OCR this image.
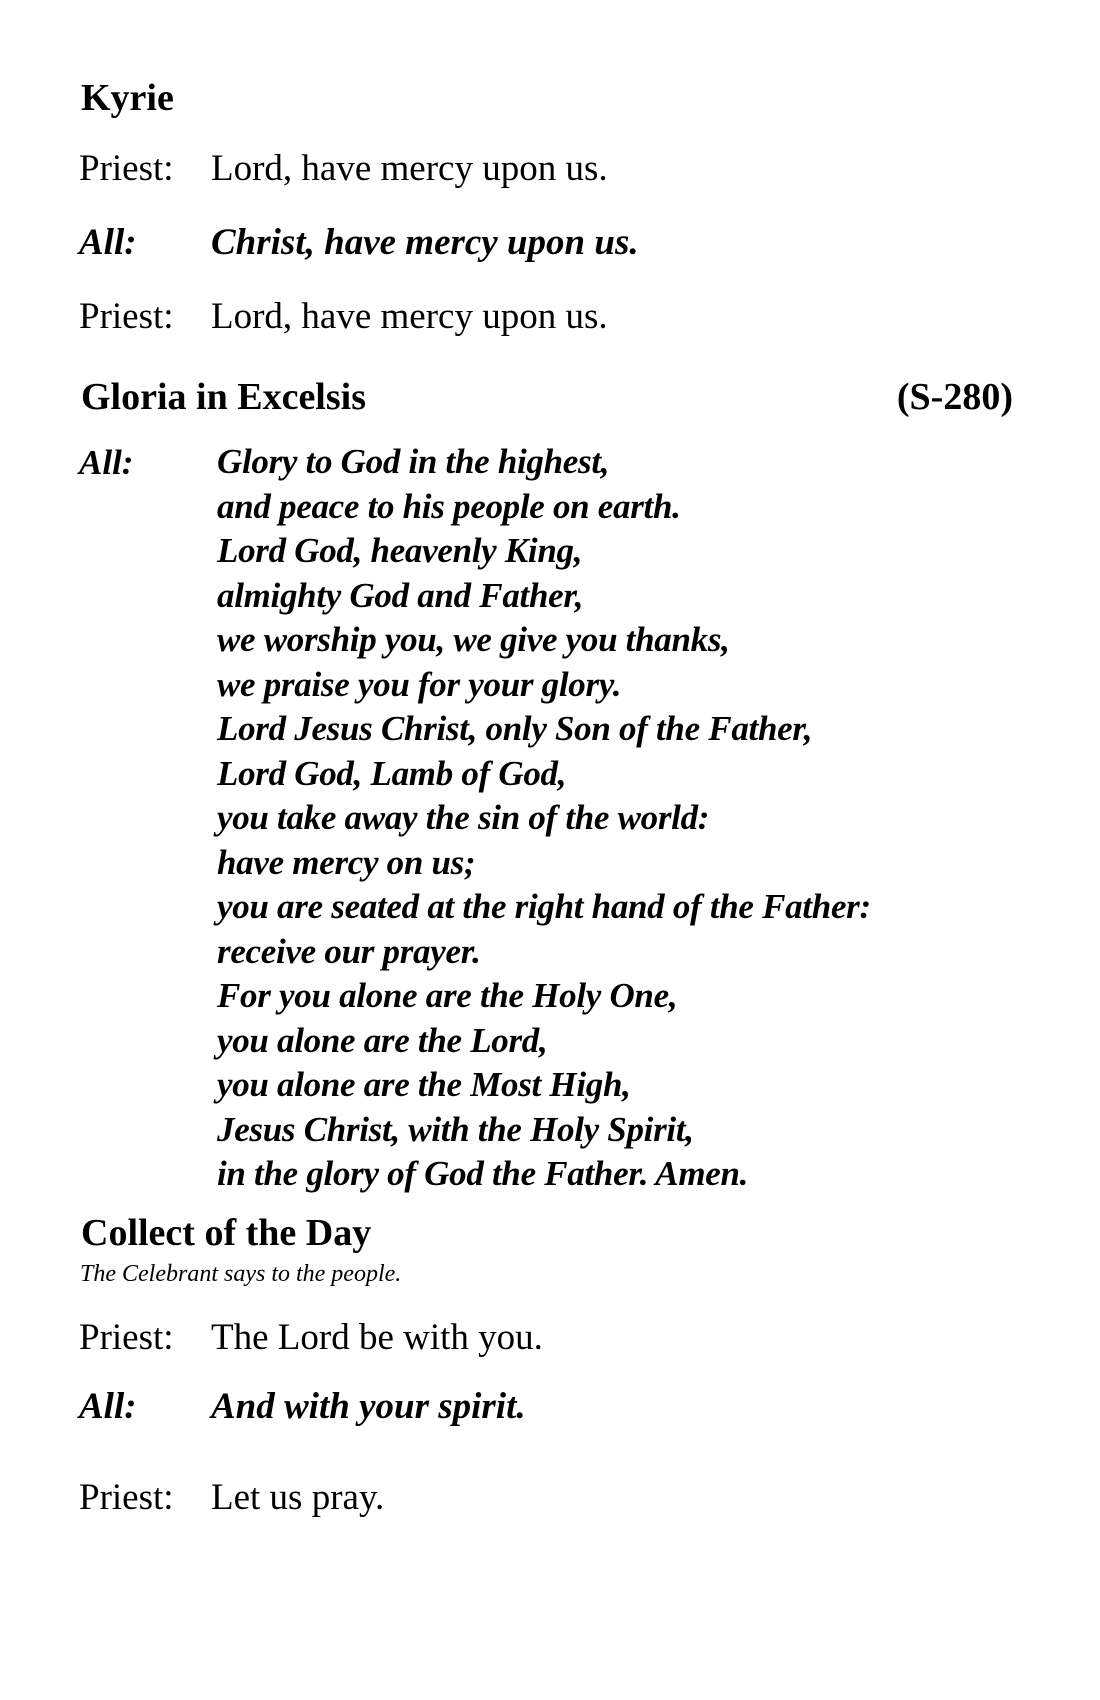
Kyrie
Priest: Lord, have mercy upon us.
All: Christ, have mercy upon us.
Priest: Lord, have mercy upon us.
Gloria in Excelsis	(S-280)
All: Glory to God in the highest,
and peace to his people on earth.
Lord God, heavenly King,
almighty God and Father,
we worship you, we give you thanks,
we praise you for your glory.
Lord Jesus Christ, only Son of the Father,
Lord God, Lamb of God,
you take away the sin of the world:
have mercy on us;
you are seated at the right hand of the Father:
receive our prayer.
For you alone are the Holy One,
you alone are the Lord,
you alone are the Most High,
Jesus Christ, with the Holy Spirit,
in the glory of God the Father. Amen.
Collect of the Day
The Celebrant says to the people.
Priest: The Lord be with you.
All: And with your spirit.
Priest: Let us pray.
